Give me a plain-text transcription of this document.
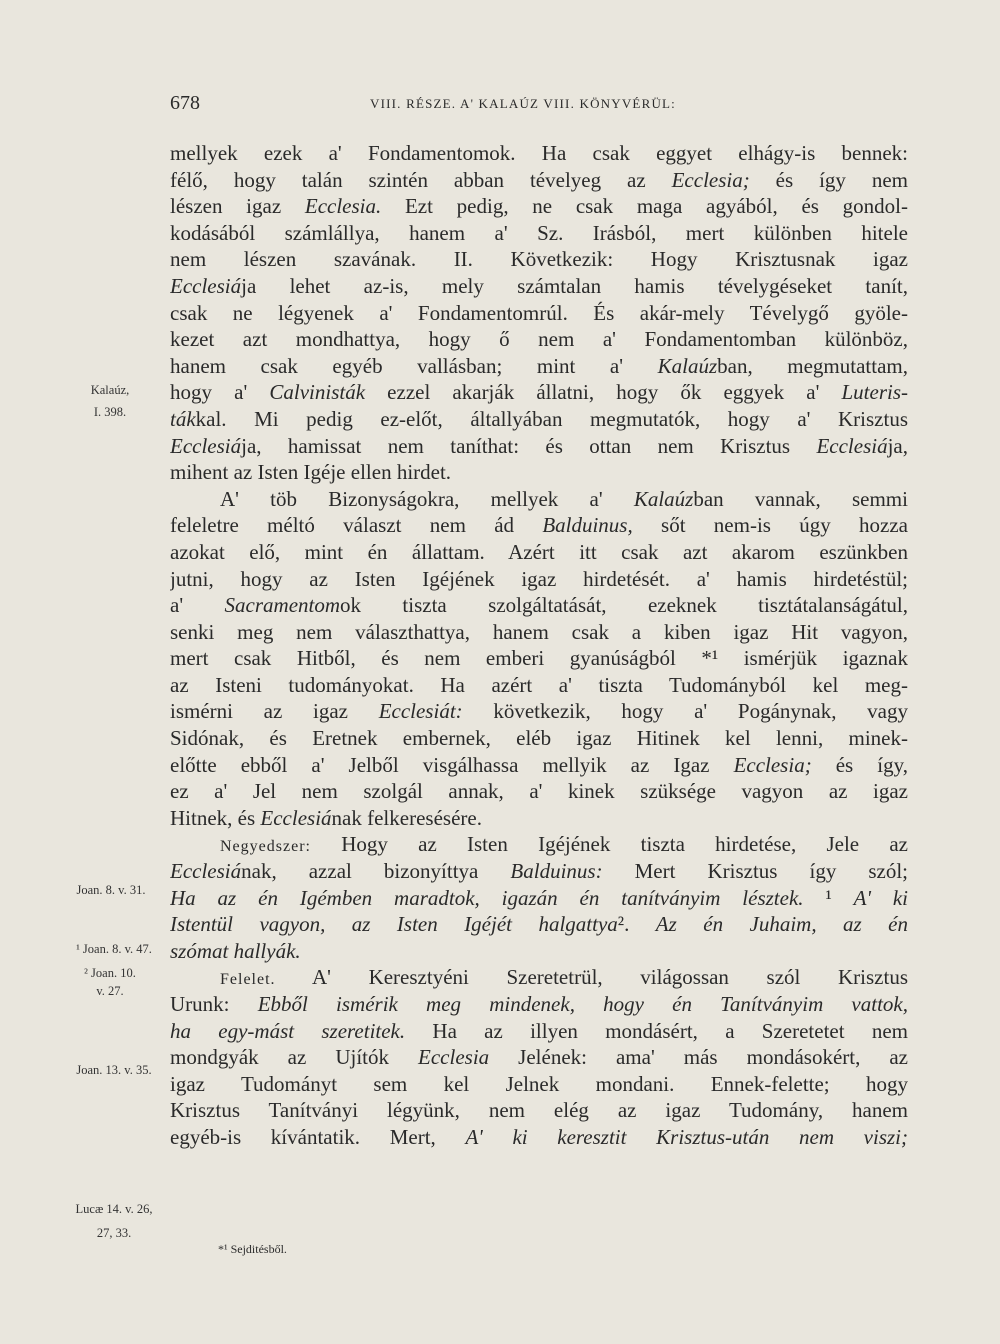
678	VIII. RÉSZE. A' KALAÚZ VIII. KÖNYVÉRÜL:
mellyek ezek a' Fondamentomok. Ha csak eggyet elhágy-is bennek:
félő, hogy talán szintén abban tévelyeg az Ecclesia; és így nem
lészen igaz Ecclesia. Ezt pedig, ne csak maga agyából, és gondol-
kodásából számlállya, hanem a' Sz. Irásból, mert különben hitele
nem lészen szavának. II. Következik: Hogy Krisztusnak igaz
Ecclesiája lehet az-is, mely számtalan hamis tévelygéseket tanít,
csak ne légyenek a' Fondamentomrúl. És akár-mely Tévelygő gyöle-
kezet azt mondhattya, hogy ő nem a' Fondamentomban különböz,
hanem csak egyéb vallásban; mint a' Kalaúzban, megmutattam,
hogy a' Calvinisták ezzel akarják állatni, hogy ők eggyek a' Luteris-
tákkal. Mi pedig ez-előt, általlyában megmutatók, hogy a' Krisztus
Ecclesiája, hamissat nem taníthat: és ottan nem Krisztus Ecclesiája,
mihent az Isten Igéje ellen hirdet.
A' töb Bizonyságokra, mellyek a' Kalaúzban vannak, semmi
feleletre méltó választ nem ád Balduinus, sőt nem-is úgy hozza
azokat elő, mint én állattam. Azért itt csak azt akarom eszünkben
jutni, hogy az Isten Igéjének igaz hirdetését. a' hamis hirdetéstül;
a' Sacramentomok tiszta szolgáltatását, ezeknek tisztátalanságátul,
senki meg nem választhattya, hanem csak a kiben igaz Hit vagyon,
mert csak Hitből, és nem emberi gyanúságból *¹ ismérjük igaznak
az Isteni tudományokat. Ha azért a' tiszta Tudományból kel meg-
ismérni az igaz Ecclesiát: következik, hogy a' Pogánynak, vagy
Sidónak, és Eretnek embernek, eléb igaz Hitinek kel lenni, minek-
előtte ebből a' Jelből visgálhassa mellyik az Igaz Ecclesia; és így,
ez a' Jel nem szolgál annak, a' kinek szüksége vagyon az igaz
Hitnek, és Ecclesiának felkeresésére.
Negyedszer: Hogy az Isten Igéjének tiszta hirdetése, Jele az
Ecclesiának, azzal bizonyíttya Balduinus: Mert Krisztus így szól;
Ha az én Igémben maradtok, igazán én tanítványim lésztek. ¹ A' ki
Istentül vagyon, az Isten Igéjét halgattya². Az én Juhaim, az én
szómat hallyák.
Felelet. A' Keresztyéni Szeretetrül, világossan szól Krisztus
Urunk: Ebből ismérik meg mindenek, hogy én Tanítványim vattok,
ha egy-mást szeretitek. Ha az illyen mondásért, a Szeretetet nem
mondgyák az Ujítók Ecclesia Jelének: ama' más mondásokért, az
igaz Tudományt sem kel Jelnek mondani. Ennek-felette; hogy
Krisztus Tanítványi légyünk, nem elég az igaz Tudomány, hanem
egyéb-is kívántatik. Mert, A' ki keresztit Krisztus-után nem viszi;
Kalaúz,
I. 398.
Joan. 8. v. 31.
¹ Joan. 8. v. 47.
² Joan. 10.
v. 27.
Joan. 13. v. 35.
Lucæ 14. v. 26,
27, 33.
*¹ Sejditésből.
